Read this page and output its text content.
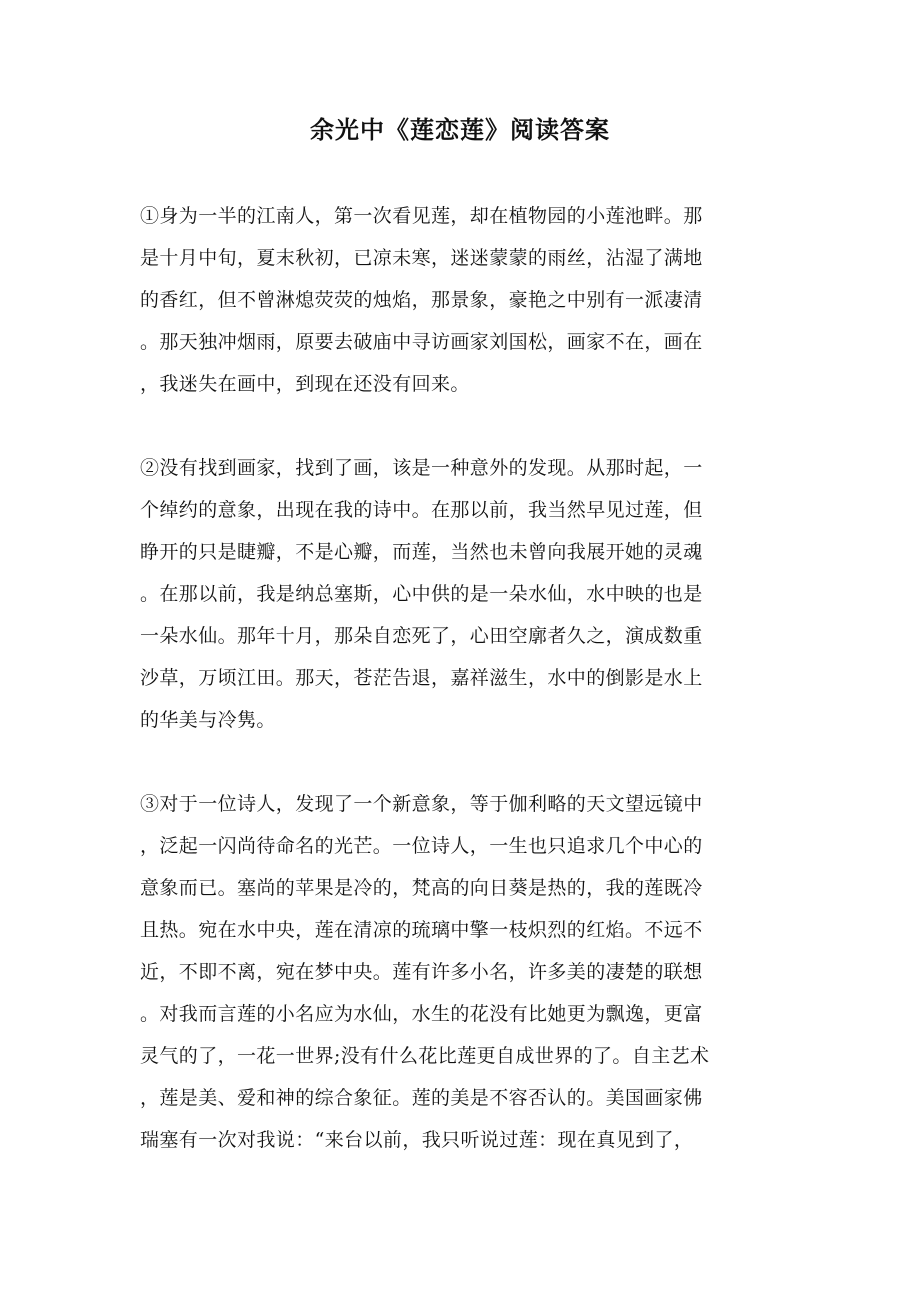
余光中《莲恋莲》阅读答案
①身为一半的江南人，第一次看见莲，却在植物园的小莲池畔。那
是十月中旬，夏末秋初，已凉未寒，迷迷蒙蒙的雨丝，沾湿了满地
的香红，但不曾淋熄荧荧的烛焰，那景象，豪艳之中别有一派凄清
。那天独冲烟雨，原要去破庙中寻访画家刘国松，画家不在，画在
，我迷失在画中，到现在还没有回来。
②没有找到画家，找到了画，该是一种意外的发现。从那时起，一
个绰约的意象，出现在我的诗中。在那以前，我当然早见过莲，但
睁开的只是睫瓣，不是心瓣，而莲，当然也未曾向我展开她的灵魂
。在那以前，我是纳总塞斯，心中供的是一朵水仙，水中映的也是
一朵水仙。那年十月，那朵自恋死了，心田空廓者久之，演成数重
沙草，万顷江田。那天，苍茫告退，嘉祥滋生，水中的倒影是水上
的华美与冷隽。
③对于一位诗人，发现了一个新意象，等于伽利略的天文望远镜中
，泛起一闪尚待命名的光芒。一位诗人，一生也只追求几个中心的
意象而已。塞尚的苹果是冷的，梵高的向日葵是热的，我的莲既冷
且热。宛在水中央，莲在清凉的琉璃中擎一枝炽烈的红焰。不远不
近，不即不离，宛在梦中央。莲有许多小名，许多美的凄楚的联想
。对我而言莲的小名应为水仙，水生的花没有比她更为飘逸，更富
灵气的了，一花一世界;没有什么花比莲更自成世界的了。自主艺术
，莲是美、爱和神的综合象征。莲的美是不容否认的。美国画家佛
瑞塞有一次对我说：“来台以前，我只听说过莲：现在真见到了，
